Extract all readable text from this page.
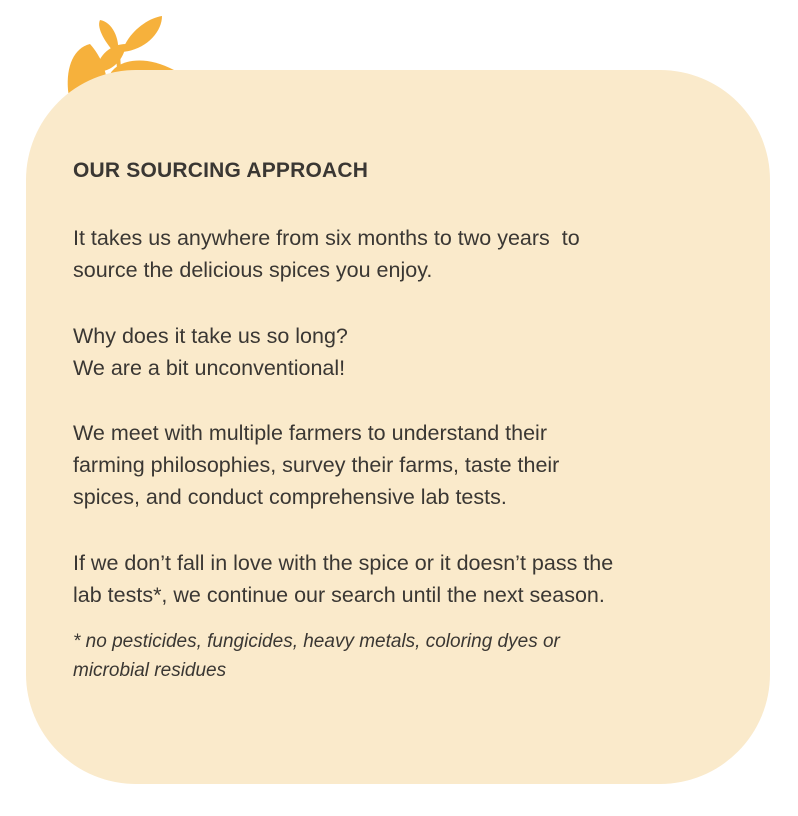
OUR SOURCING APPROACH

It takes us anywhere from six months to two years  to
source the delicious spices you enjoy.

Why does it take us so long?
We are a bit unconventional!

We meet with multiple farmers to understand their
farming philosophies, survey their farms, taste their
spices, and conduct comprehensive lab tests.

If we don’t fall in love with the spice or it doesn’t pass the
lab tests*, we continue our search until the next season.

* no pesticides, fungicides, heavy metals, coloring dyes or
microbial residues
